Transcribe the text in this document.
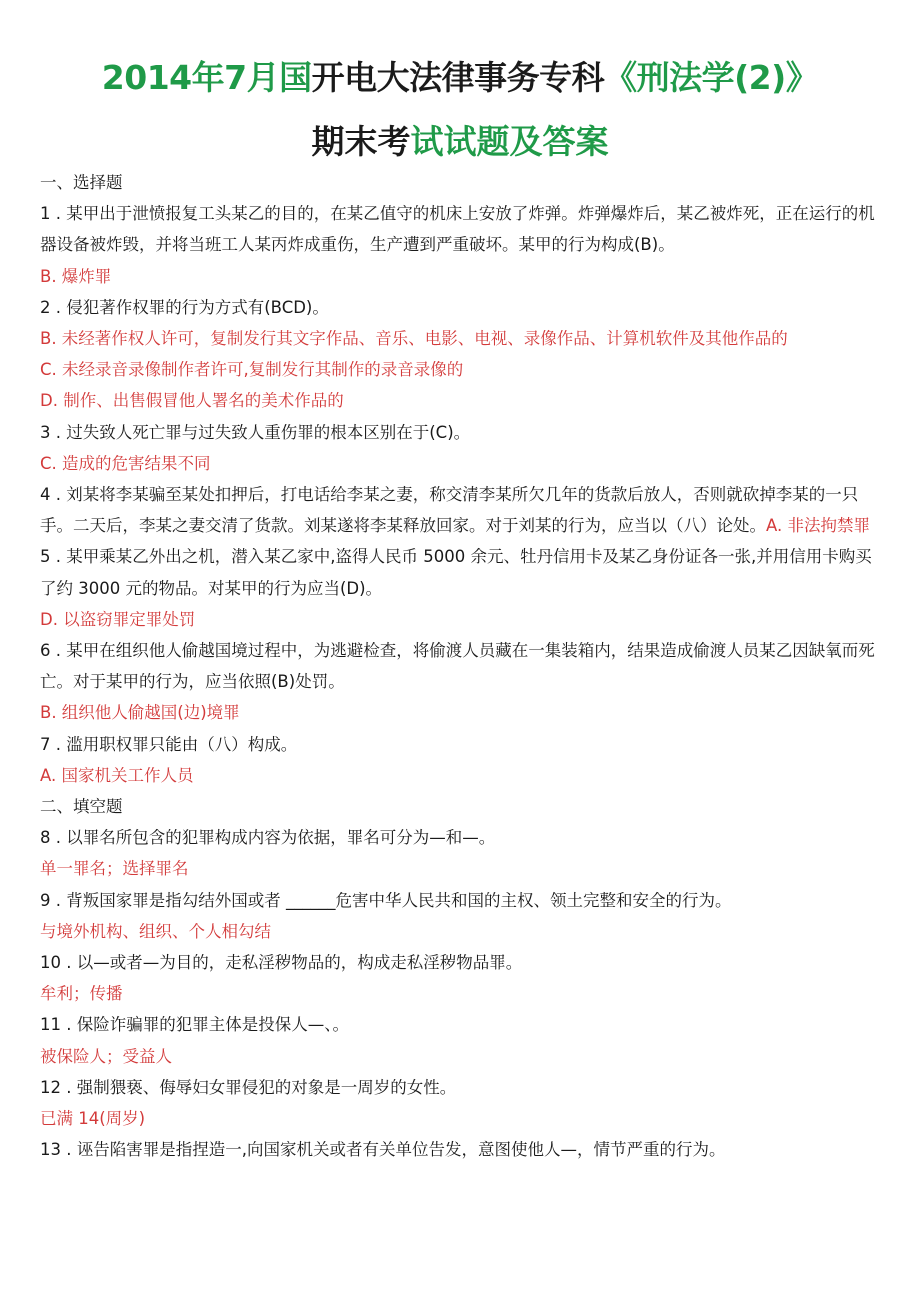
2014年7月国开电大法律事务专科《刑法学(2)》
期末考试试题及答案

一、选择题

1 . 某甲出于泄愤报复工头某乙的目的，在某乙值守的机床上安放了炸弹。炸弹爆炸后，某乙被炸死，正在运行的机器设备被炸毁，并将当班工人某丙炸成重伤，生产遭到严重破坏。某甲的行为构成(B)。

B. 爆炸罪

2 . 侵犯著作权罪的行为方式有(BCD)。

B. 未经著作权人许可，复制发行其文字作品、音乐、电影、电视、录像作品、计算机软件及其他作品的

C. 未经录音录像制作者许可,复制发行其制作的录音录像的

D. 制作、出售假冒他人署名的美术作品的

3 . 过失致人死亡罪与过失致人重伤罪的根本区别在于(C)。

C. 造成的危害结果不同

4 . 刘某将李某骗至某处扣押后，打电话给李某之妻，称交清李某所欠几年的货款后放人，否则就砍掉李某的一只手。二天后，李某之妻交清了货款。刘某遂将李某释放回家。对于刘某的行为，应当以（八）论处。A. 非法拘禁罪

5 . 某甲乘某乙外出之机，潜入某乙家中,盗得人民币 5000 余元、牡丹信用卡及某乙身份证各一张,并用信用卡购买了约 3000 元的物品。对某甲的行为应当(D)。

D. 以盗窃罪定罪处罚

6 . 某甲在组织他人偷越国境过程中，为逃避检查，将偷渡人员藏在一集装箱内，结果造成偷渡人员某乙因缺氧而死亡。对于某甲的行为，应当依照(B)处罚。

B. 组织他人偷越国(边)境罪

7 . 滥用职权罪只能由（八）构成。

A. 国家机关工作人员

二、填空题

8 . 以罪名所包含的犯罪构成内容为依据，罪名可分为—和—。

单一罪名；选择罪名

9 . 背叛国家罪是指勾结外国或者 ______危害中华人民共和国的主权、领土完整和安全的行为。

与境外机构、组织、个人相勾结

10 . 以—或者—为目的，走私淫秽物品的，构成走私淫秽物品罪。

牟利；传播

11 . 保险诈骗罪的犯罪主体是投保人—、。

被保险人；受益人

12 . 强制猥亵、侮辱妇女罪侵犯的对象是一周岁的女性。

已满 14(周岁)

13 . 诬告陷害罪是指捏造一,向国家机关或者有关单位告发，意图使他人—，情节严重的行为。
